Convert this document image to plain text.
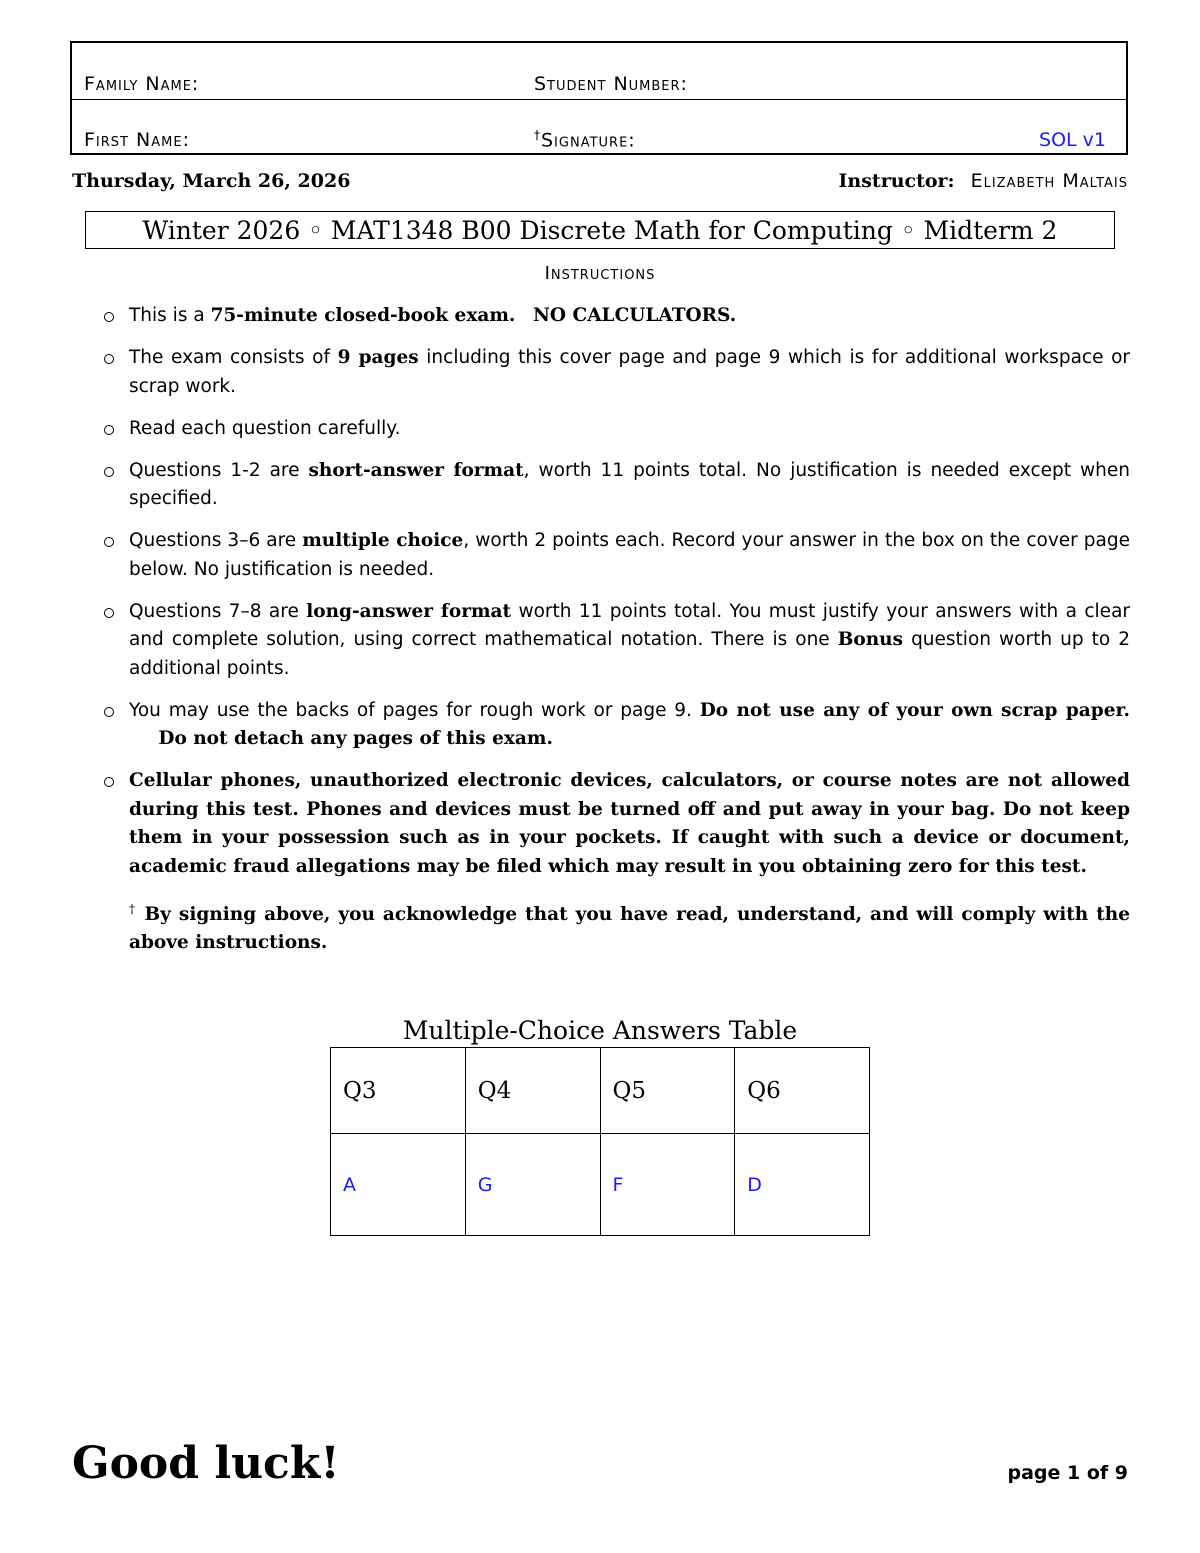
Family Name:	Student Number:
First Name:	†Signature:	SOL v1
Thursday, March 26, 2026	Instructor: Elizabeth Maltais
Winter 2026 ◦ MAT1348 B00 Discrete Math for Computing ◦ Midterm 2
Instructions
This is a 75-minute closed-book exam. NO CALCULATORS.
The exam consists of 9 pages including this cover page and page 9 which is for additional workspace or scrap work.
Read each question carefully.
Questions 1-2 are short-answer format, worth 11 points total. No justification is needed except when specified.
Questions 3–6 are multiple choice, worth 2 points each. Record your answer in the box on the cover page below. No justification is needed.
Questions 7–8 are long-answer format worth 11 points total. You must justify your answers with a clear and complete solution, using correct mathematical notation. There is one Bonus question worth up to 2 additional points.
You may use the backs of pages for rough work or page 9. Do not use any of your own scrap paper.     Do not detach any pages of this exam.
Cellular phones, unauthorized electronic devices, calculators, or course notes are not allowed during this test. Phones and devices must be turned off and put away in your bag. Do not keep them in your possession such as in your pockets. If caught with such a device or document, academic fraud allegations may be filed which may result in you obtaining zero for this test.
† By signing above, you acknowledge that you have read, understand, and will comply with the above instructions.
Multiple-Choice Answers Table
Q3	Q4	Q5	Q6
A	G	F	D
Good luck!	page 1 of 9
